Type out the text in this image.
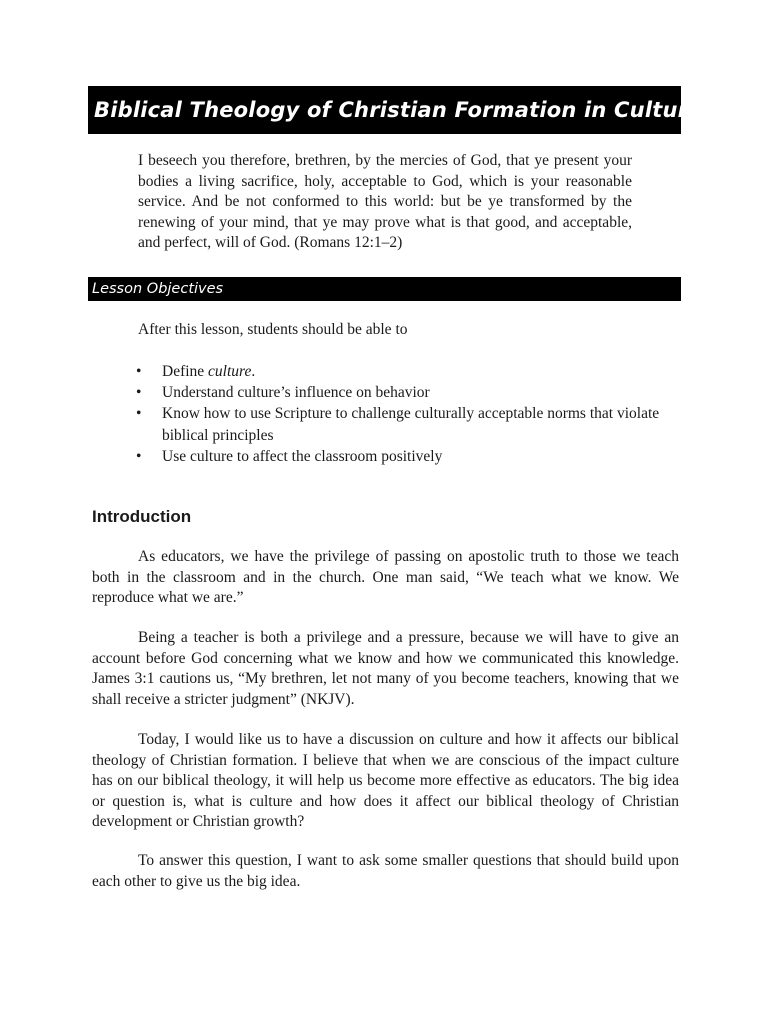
Biblical Theology of Christian Formation in Culture

I beseech you therefore, brethren, by the mercies of God, that ye present your bodies a living sacrifice, holy, acceptable to God, which is your reasonable service. And be not conformed to this world: but be ye transformed by the renewing of your mind, that ye may prove what is that good, and acceptable, and perfect, will of God. (Romans 12:1–2)

Lesson Objectives

After this lesson, students should be able to

• Define culture.
• Understand culture’s influence on behavior
• Know how to use Scripture to challenge culturally acceptable norms that violate biblical principles
• Use culture to affect the classroom positively
Introduction

As educators, we have the privilege of passing on apostolic truth to those we teach both in the classroom and in the church. One man said, “We teach what we know. We reproduce what we are.”

Being a teacher is both a privilege and a pressure, because we will have to give an account before God concerning what we know and how we communicated this knowledge. James 3:1 cautions us, “My brethren, let not many of you become teachers, knowing that we shall receive a stricter judgment” (NKJV).

Today, I would like us to have a discussion on culture and how it affects our biblical theology of Christian formation. I believe that when we are conscious of the impact culture has on our biblical theology, it will help us become more effective as educators. The big idea or question is, what is culture and how does it affect our biblical theology of Christian development or Christian growth?

To answer this question, I want to ask some smaller questions that should build upon each other to give us the big idea.
